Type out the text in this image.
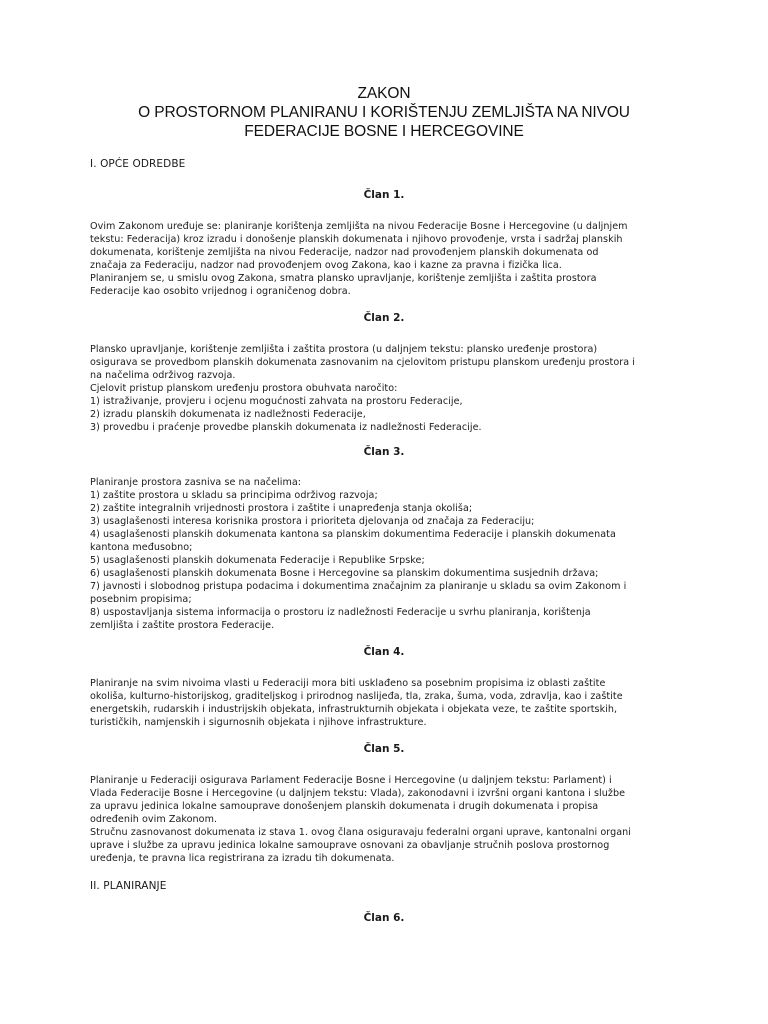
ZAKON
O PROSTORNOM PLANIRANU I KORIŠTENJU ZEMLJIŠTA NA NIVOU
FEDERACIJE BOSNE I HERCEGOVINE
I. OPĆE ODREDBE
Član 1.
Ovim Zakonom uređuje se: planiranje korištenja zemljišta na nivou Federacije Bosne i Hercegovine (u daljnjem
tekstu: Federacija) kroz izradu i donošenje planskih dokumenata i njihovo provođenje, vrsta i sadržaj planskih
dokumenata, korištenje zemljišta na nivou Federacije, nadzor nad provođenjem planskih dokumenata od
značaja za Federaciju, nadzor nad provođenjem ovog Zakona, kao i kazne za pravna i fizička lica.
Planiranjem se, u smislu ovog Zakona, smatra plansko upravljanje, korištenje zemljišta i zaštita prostora
Federacije kao osobito vrijednog i ograničenog dobra.
Član 2.
Plansko upravljanje, korištenje zemljišta i zaštita prostora (u daljnjem tekstu: plansko uređenje prostora)
osigurava se provedbom planskih dokumenata zasnovanim na cjelovitom pristupu planskom uređenju prostora i
na načelima održivog razvoja.
Cjelovit pristup planskom uređenju prostora obuhvata naročito:
1) istraživanje, provjeru i ocjenu mogućnosti zahvata na prostoru Federacije,
2) izradu planskih dokumenata iz nadležnosti Federacije,
3) provedbu i praćenje provedbe planskih dokumenata iz nadležnosti Federacije.
Član 3.
Planiranje prostora zasniva se na načelima:
1) zaštite prostora u skladu sa principima održivog razvoja;
2) zaštite integralnih vrijednosti prostora i zaštite i unapređenja stanja okoliša;
3) usaglašenosti interesa korisnika prostora i prioriteta djelovanja od značaja za Federaciju;
4) usaglašenosti planskih dokumenata kantona sa planskim dokumentima Federacije i planskih dokumenata
kantona međusobno;
5) usaglašenosti planskih dokumenata Federacije i Republike Srpske;
6) usaglašenosti planskih dokumenata Bosne i Hercegovine sa planskim dokumentima susjednih država;
7) javnosti i slobodnog pristupa podacima i dokumentima značajnim za planiranje u skladu sa ovim Zakonom i
posebnim propisima;
8) uspostavljanja sistema informacija o prostoru iz nadležnosti Federacije u svrhu planiranja, korištenja
zemljišta i zaštite prostora Federacije.
Član 4.
Planiranje na svim nivoima vlasti u Federaciji mora biti usklađeno sa posebnim propisima iz oblasti zaštite
okoliša, kulturno-historijskog, graditeljskog i prirodnog naslijeđa, tla, zraka, šuma, voda, zdravlja, kao i zaštite
energetskih, rudarskih i industrijskih objekata, infrastrukturnih objekata i objekata veze, te zaštite sportskih,
turističkih, namjenskih i sigurnosnih objekata i njihove infrastrukture.
Član 5.
Planiranje u Federaciji osigurava Parlament Federacije Bosne i Hercegovine (u daljnjem tekstu: Parlament) i
Vlada Federacije Bosne i Hercegovine (u daljnjem tekstu: Vlada), zakonodavni i izvršni organi kantona i službe
za upravu jedinica lokalne samouprave donošenjem planskih dokumenata i drugih dokumenata i propisa
određenih ovim Zakonom.
Stručnu zasnovanost dokumenata iz stava 1. ovog člana osiguravaju federalni organi uprave, kantonalni organi
uprave i službe za upravu jedinica lokalne samouprave osnovani za obavljanje stručnih poslova prostornog
uređenja, te pravna lica registrirana za izradu tih dokumenata.
II. PLANIRANJE
Član 6.
